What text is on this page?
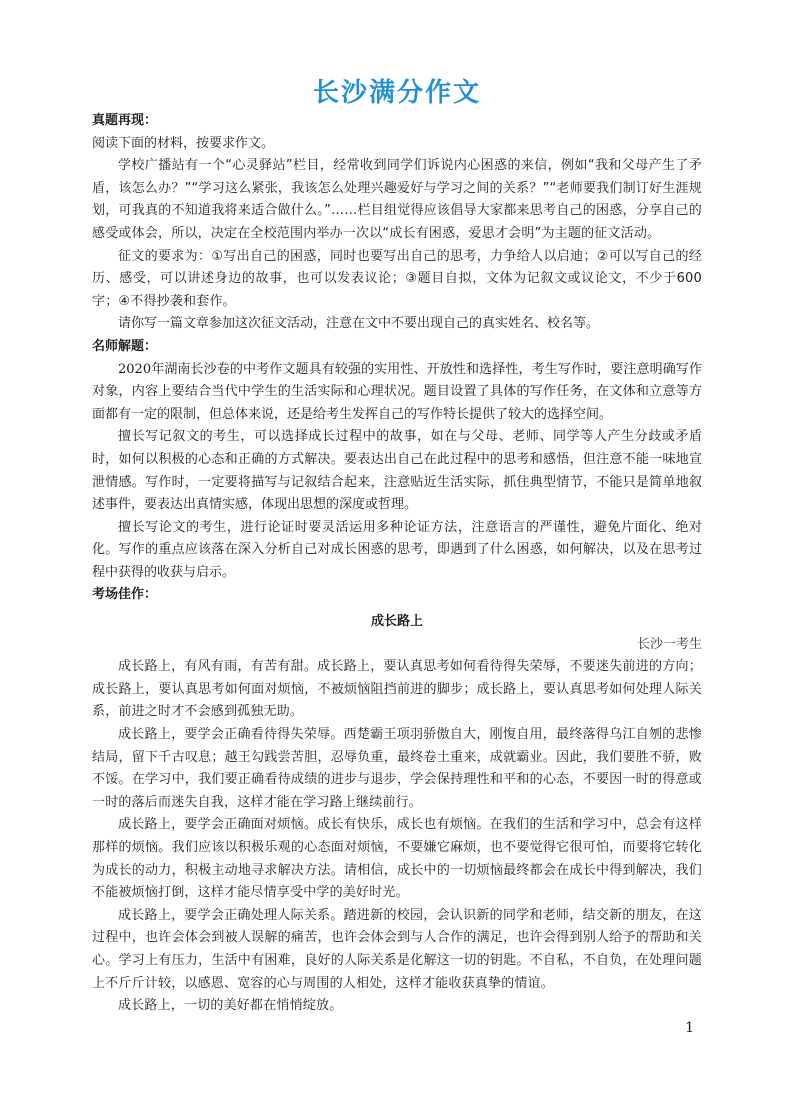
长沙满分作文

真题再现：

阅读下面的材料，按要求作文。

学校广播站有一个“心灵驿站”栏目，经常收到同学们诉说内心困惑的来信，例如“我和父母产生了矛盾，该怎么办？”“学习这么紧张，我该怎么处理兴趣爱好与学习之间的关系？”“老师要我们制订好生涯规划，可我真的不知道我将来适合做什么。”……栏目组觉得应该倡导大家都来思考自己的困惑，分享自己的感受或体会，所以，决定在全校范围内举办一次以“成长有困惑，爱思才会明”为主题的征文活动。

征文的要求为：①写出自己的困惑，同时也要写出自己的思考，力争给人以启迪；②可以写自己的经历、感受，可以讲述身边的故事，也可以发表议论；③题目自拟，文体为记叙文或议论文，不少于600字；④不得抄袭和套作。

请你写一篇文章参加这次征文活动，注意在文中不要出现自己的真实姓名、校名等。

名师解题：

2020年湖南长沙卷的中考作文题具有较强的实用性、开放性和选择性，考生写作时，要注意明确写作对象，内容上要结合当代中学生的生活实际和心理状况。题目设置了具体的写作任务，在文体和立意等方面都有一定的限制，但总体来说，还是给考生发挥自己的写作特长提供了较大的选择空间。

擅长写记叙文的考生，可以选择成长过程中的故事，如在与父母、老师、同学等人产生分歧或矛盾时，如何以积极的心态和正确的方式解决。要表达出自己在此过程中的思考和感悟，但注意不能一味地宣泄情感。写作时，一定要将描写与记叙结合起来，注意贴近生活实际，抓住典型情节，不能只是简单地叙述事件，要表达出真情实感，体现出思想的深度或哲理。

擅长写论文的考生，进行论证时要灵活运用多种论证方法，注意语言的严谨性，避免片面化、绝对化。写作的重点应该落在深入分析自己对成长困惑的思考，即遇到了什么困惑，如何解决，以及在思考过程中获得的收获与启示。

考场佳作：

成长路上

长沙一考生

成长路上，有风有雨，有苦有甜。成长路上，要认真思考如何看待得失荣辱，不要迷失前进的方向；成长路上，要认真思考如何面对烦恼，不被烦恼阻挡前进的脚步；成长路上，要认真思考如何处理人际关系，前进之时才不会感到孤独无助。

成长路上，要学会正确看待得失荣辱。西楚霸王项羽骄傲自大，刚愎自用，最终落得乌江自刎的悲惨结局，留下千古叹息；越王勾践尝苦胆，忍辱负重，最终卷土重来，成就霸业。因此，我们要胜不骄，败不馁。在学习中，我们要正确看待成绩的进步与退步，学会保持理性和平和的心态，不要因一时的得意或一时的落后而迷失自我，这样才能在学习路上继续前行。

成长路上，要学会正确面对烦恼。成长有快乐，成长也有烦恼。在我们的生活和学习中，总会有这样那样的烦恼。我们应该以积极乐观的心态面对烦恼，不要嫌它麻烦，也不要觉得它很可怕，而要将它转化为成长的动力，积极主动地寻求解决方法。请相信，成长中的一切烦恼最终都会在成长中得到解决，我们不能被烦恼打倒，这样才能尽情享受中学的美好时光。

成长路上，要学会正确处理人际关系。踏进新的校园，会认识新的同学和老师，结交新的朋友，在这过程中，也许会体会到被人误解的痛苦，也许会体会到与人合作的满足，也许会得到别人给予的帮助和关心。学习上有压力，生活中有困难，良好的人际关系是化解这一切的钥匙。不自私，不自负，在处理问题上不斤斤计较，以感恩、宽容的心与周围的人相处，这样才能收获真挚的情谊。

成长路上，一切的美好都在悄悄绽放。

1
